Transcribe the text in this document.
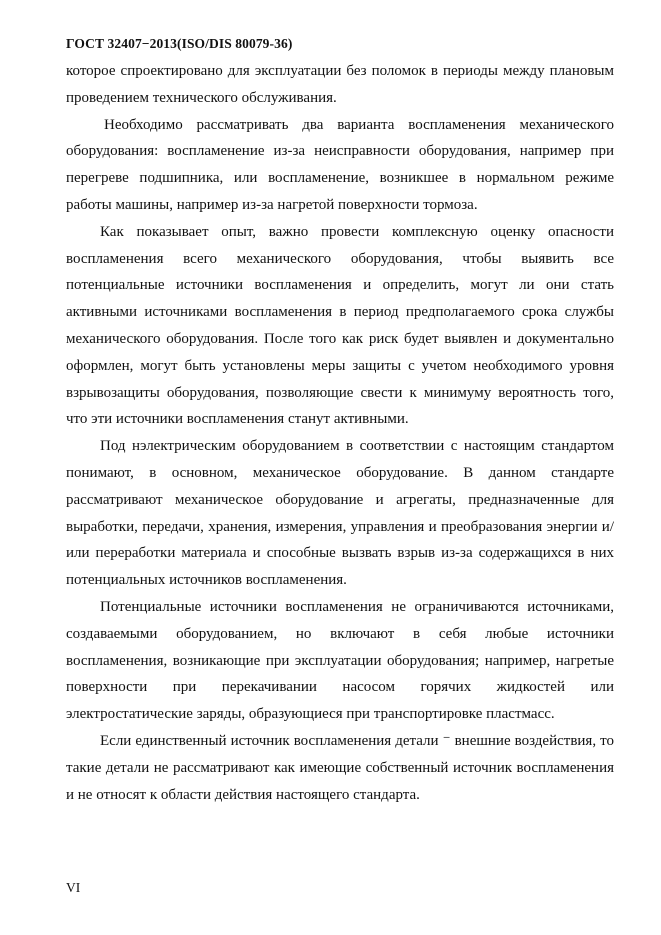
ГОСТ 32407−2013(ISO/DIS 80079-36)

которое спроектировано для эксплуатации без поломок в периоды между плановым проведением технического обслуживания.

Необходимо рассматривать два варианта воспламенения механического оборудования: воспламенение из-за неисправности оборудования, например при перегреве подшипника, или воспламенение, возникшее в нормальном режиме работы машины, например из-за нагретой поверхности тормоза.

Как показывает опыт, важно провести комплексную оценку опасности воспламенения всего механического оборудования, чтобы выявить все потенциальные источники воспламенения и определить, могут ли они стать активными источниками воспламенения в период предполагаемого срока службы механического оборудования. После того как риск будет выявлен и документально оформлен, могут быть установлены меры защиты с учетом необходимого уровня взрывозащиты оборудования, позволяющие свести к минимуму вероятность того, что эти источники воспламенения станут активными.

Под нэлектрическим оборудованием в соответствии с настоящим стандартом понимают, в основном, механическое оборудование. В данном стандарте рассматривают механическое оборудование и агрегаты, предназначенные для выработки, передачи, хранения, измерения, управления и преобразования энергии и/или переработки материала и способные вызвать взрыв из-за содержащихся в них потенциальных источников воспламенения.

Потенциальные источники воспламенения не ограничиваются источниками, создаваемыми оборудованием, но включают в себя любые источники воспламенения, возникающие при эксплуатации оборудования; например, нагретые поверхности при перекачивании насосом горячих жидкостей или электростатические заряды, образующиеся при транспортировке пластмасс.

Если единственный источник воспламенения детали ⁻ внешние воздействия, то такие детали не рассматривают как имеющие собственный источник воспламенения и не относят к области действия настоящего стандарта.

VI
